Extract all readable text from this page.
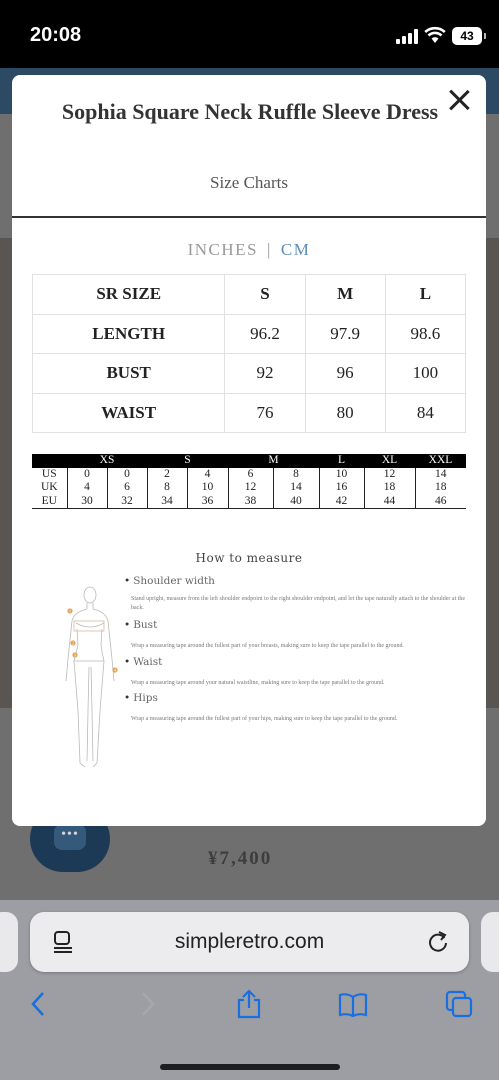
20:08	43
•••
¥7,400
Sophia Square Neck Ruffle Sleeve Dress
Size Charts
INCHES | CM
SR SIZE	S	M	L
LENGTH	96.2	97.9	98.6
BUST	92	96	100
WAIST	76	80	84
	XS		S		M		L	XL	XXL
US	0	0	2	4	6	8	10	12	14
UK	4	6	8	10	12	14	16	18	18
EU	30	32	34	36	38	40	42	44	46
How to measure
1
2
3
4
• Shoulder width
Stand upright, measure from the left shoulder endpoint to the right shoulder endpoint, and let the tape naturally attach to the shoulder at the back.
• Bust
Wrap a measuring tape around the fullest part of your breasts, making sure to keep the tape parallel to the ground.
• Waist
Wrap a measuring tape around your natural waistline, making sure to keep the tape parallel to the ground.
• Hips
Wrap a measuring tape around the fullest part of your hips, making sure to keep the tape parallel to the ground.
simpleretro.com
